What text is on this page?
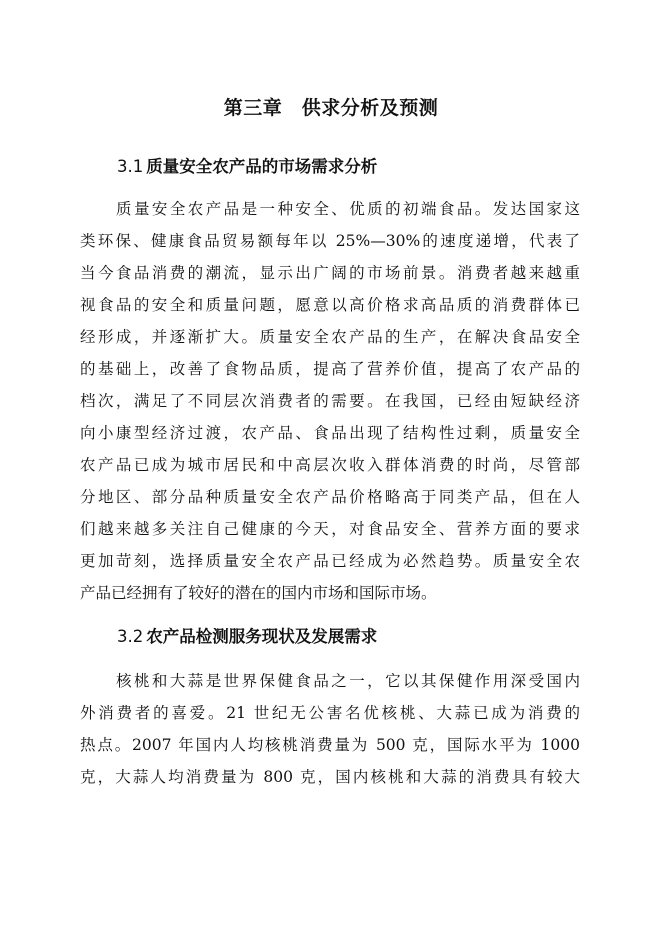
第三章　供求分析及预测
3.1 质量安全农产品的市场需求分析
质量安全农产品是一种安全、优质的初端食品。发达国家这
类环保、健康食品贸易额每年以 25%—30%的速度递增，代表了
当今食品消费的潮流，显示出广阔的市场前景。消费者越来越重
视食品的安全和质量问题，愿意以高价格求高品质的消费群体已
经形成，并逐渐扩大。质量安全农产品的生产，在解决食品安全
的基础上，改善了食物品质，提高了营养价值，提高了农产品的
档次，满足了不同层次消费者的需要。在我国，已经由短缺经济
向小康型经济过渡，农产品、食品出现了结构性过剩，质量安全
农产品已成为城市居民和中高层次收入群体消费的时尚，尽管部
分地区、部分品种质量安全农产品价格略高于同类产品，但在人
们越来越多关注自己健康的今天，对食品安全、营养方面的要求
更加苛刻，选择质量安全农产品已经成为必然趋势。质量安全农
产品已经拥有了较好的潜在的国内市场和国际市场。
3.2 农产品检测服务现状及发展需求
核桃和大蒜是世界保健食品之一，它以其保健作用深受国内
外消费者的喜爱。21 世纪无公害名优核桃、大蒜已成为消费的
热点。2007 年国内人均核桃消费量为 500 克，国际水平为 1000
克，大蒜人均消费量为 800 克，国内核桃和大蒜的消费具有较大
